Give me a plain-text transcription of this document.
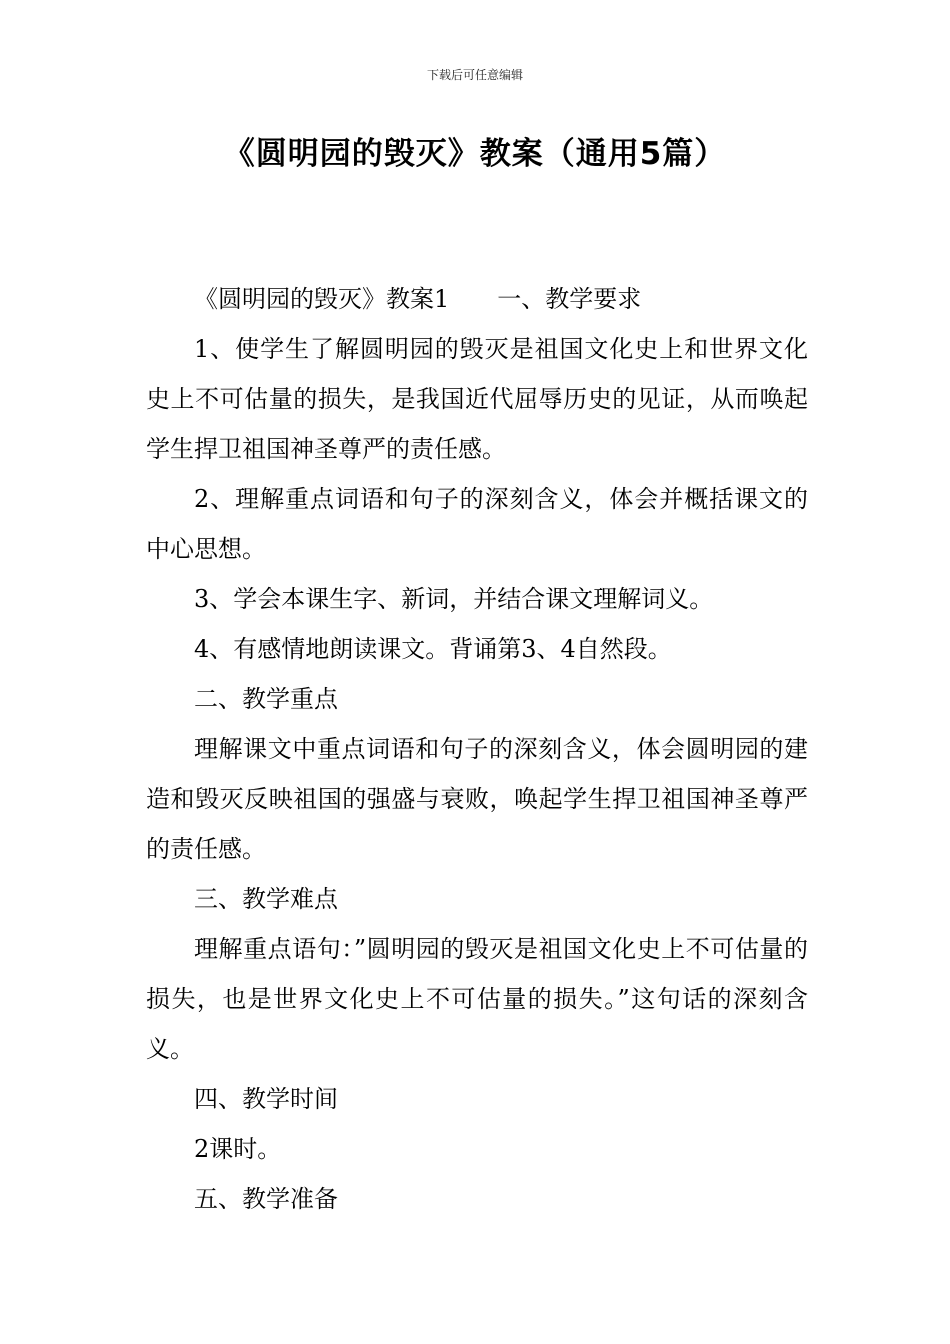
下载后可任意编辑
《圆明园的毁灭》教案（通用5篇）

《圆明园的毁灭》教案1　　一、教学要求

1、使学生了解圆明园的毁灭是祖国文化史上和世界文化史上不可估量的损失，是我国近代屈辱历史的见证，从而唤起学生捍卫祖国神圣尊严的责任感。

2、理解重点词语和句子的深刻含义，体会并概括课文的中心思想。

3、学会本课生字、新词，并结合课文理解词义。

4、有感情地朗读课文。背诵第3、4自然段。

二、教学重点

理解课文中重点词语和句子的深刻含义，体会圆明园的建造和毁灭反映祖国的强盛与衰败，唤起学生捍卫祖国神圣尊严的责任感。

三、教学难点

理解重点语句：”圆明园的毁灭是祖国文化史上不可估量的损失，也是世界文化史上不可估量的损失。”这句话的深刻含义。

四、教学时间

2课时。

五、教学准备
